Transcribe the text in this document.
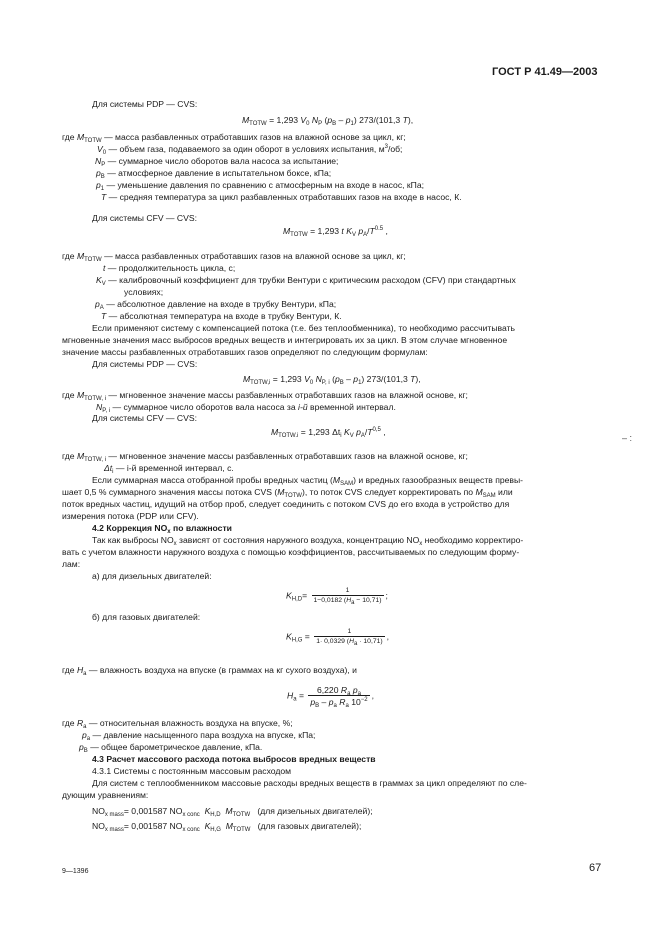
ГОСТ Р 41.49—2003
Для системы PDP — CVS:
$M_{TOTW} = 1,293$ $V_0$ $N_P$ $(p_B - p_1)$ 273/(101,3 T),
где $M_{TOTW}$ — масса разбавленных отработавших газов на влажной основе за цикл, кг;
$V_0$ — объем газа, подаваемого за один оборот в условиях испытания, $м^3/об$;
$N_P$ — суммарное число оборотов вала насоса за испытание;
$p_B$ — атмосферное давление в испытательном боксе, кПа;
$p_1$ — уменьшение давления по сравнению с атмосферным на входе в насос, кПа;
T — средняя температура за цикл разбавленных отработавших газов на входе в насос, К.
Для системы CFV — CVS:
$M_{TOTW} = 1,293$ t $K_V$ $p_A/T^{0.5}$ ,
где $M_{TOTW}$ — масса разбавленных отработавших газов на влажной основе за цикл, кг;
t — продолжительность цикла, с;
$K_V$ — калибровочный коэффициент для трубки Вентури с критическим расходом (CFV) при стандартных
условиях;
$p_A$ — абсолютное давление на входе в трубку Вентури, кПа;
T — абсолютная температура на входе в трубку Вентури, К.
Если применяют систему с компенсацией потока (т.е. без теплообменника), то необходимо рассчитывать
мгновенные значения масс выбросов вредных веществ и интегрировать их за цикл. В этом случае мгновенное
значение массы разбавленных отработавших газов определяют по следующим формулам:
Для системы PDP — CVS:
$M_{TOTW,i} = 1,293$ $V_0$ $N_{P, i}$ $(p_B - p_1)$ 273/(101,3 T),
где $M_{TOTW, i}$ — мгновенное значение массы разбавленных отработавших газов на влажной основе, кг;
$N_{P, i}$ — суммарное число оборотов вала насоса за i-й временной интервал.
Для системы CFV — CVS:
$M_{TOTW.i} = 1,293$ $\Delta t_i$ $K_V$ $p_A/T^{0,5}$ ,
где $M_{TOTW, i}$ — мгновенное значение массы разбавленных отработавших газов на влажной основе, кг;
$\Delta t_i$ — i-й временной интервал, с.
– :
Если суммарная масса отобранной пробы вредных частиц $(M_{SAM})$ и вредных газообразных веществ превы-
шает 0,5 % суммарного значения массы потока CVS $(M_{TOTW})$, то поток CVS следует корректировать по $M_{SAM}$ или
поток вредных частиц, идущий на отбор проб, следует соединить с потоком CVS до его входа в устройство для
измерения потока (PDP или CFV).
4.2 Коррекция $NO_x$ по влажности
Так как выбросы $NO_x$ зависят от состояния наружного воздуха, концентрацию $NO_x$ необходимо корректиро-
вать с учетом влажности наружного воздуха с помощью коэффициентов, рассчитываемых по следующим форму-
лам:
а) для дизельных двигателей:
$K_{H,D}= \frac{1}{1-0,0182 (H_a - 10,71)}$ ;
б) для газовых двигателей:
$K_{H,G} = \frac{1}{1\cdot 0,0329 (H_a \cdot 10,71)}$ ,
где $H_a$ — влажность воздуха на впуске (в граммах на кг сухого воздуха), и
$H_a = \frac{6,220 R_a p_a}{p_B - p_a R_a 10^{-2}}$ ,
где $R_a$ — относительная влажность воздуха на впуске, %;
$p_a$ — давление насыщенного пара воздуха на впуске, кПа;
$p_B$ — общее барометрическое давление, кПа.
4.3 Расчет массового расхода потока выбросов вредных веществ
4.3.1 Системы с постоянным массовым расходом
Для систем с теплообменником массовые расходы вредных веществ в граммах за цикл определяют по сле-
дующим уравнениям:
$NO_{x mass}= 0,001587$ $NO_{x conc}$ $K_{H,D}$ $M_{TOTW}$ (для дизельных двигателей);
$NO_{x mass}= 0,001587$ $NO_{x conc}$ $K_{H,G}$ $M_{TOTW}$ (для газовых двигателей);
9—1396	67
